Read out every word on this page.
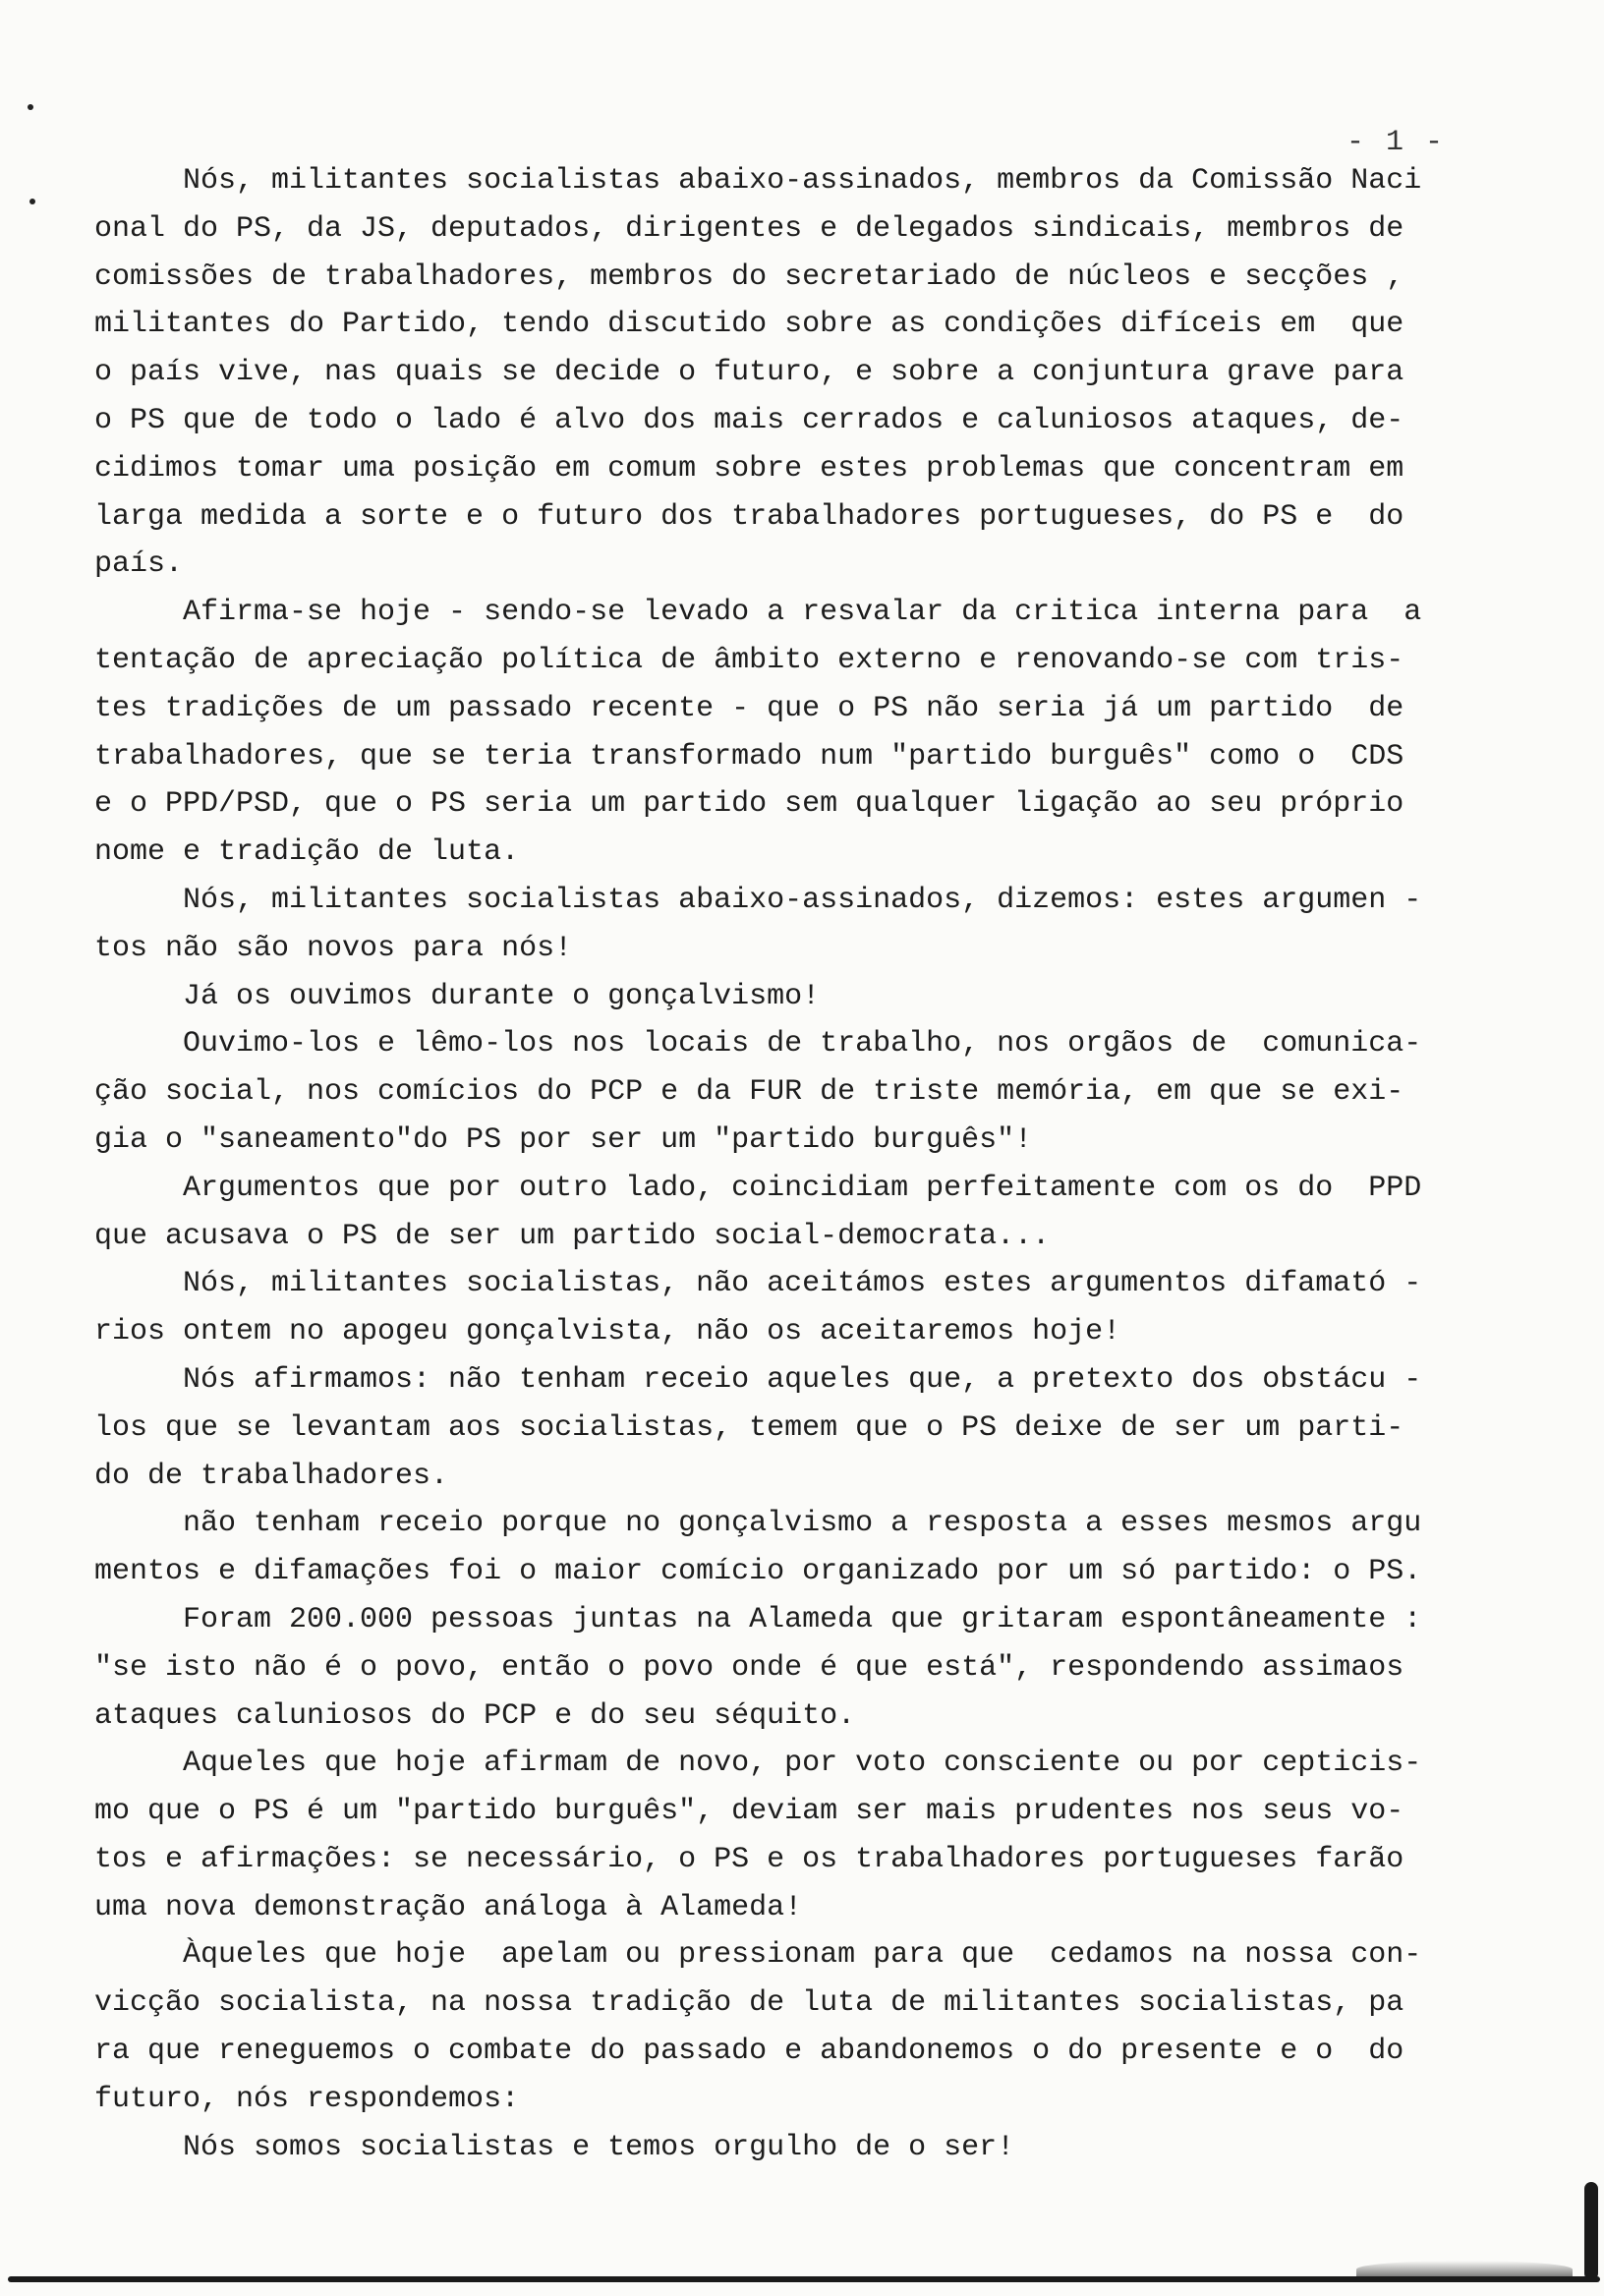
- 1 -
Nós, militantes socialistas abaixo-assinados, membros da Comissão Naci
onal do PS, da JS, deputados, dirigentes e delegados sindicais, membros de
comissões de trabalhadores, membros do secretariado de núcleos e secções ,
militantes do Partido, tendo discutido sobre as condições difíceis em  que
o país vive, nas quais se decide o futuro, e sobre a conjuntura grave para
o PS que de todo o lado é alvo dos mais cerrados e caluniosos ataques, de-
cidimos tomar uma posição em comum sobre estes problemas que concentram em
larga medida a sorte e o futuro dos trabalhadores portugueses, do PS e  do
país.
Afirma-se hoje - sendo-se levado a resvalar da critica interna para  a
tentação de apreciação política de âmbito externo e renovando-se com tris-
tes tradições de um passado recente - que o PS não seria já um partido  de
trabalhadores, que se teria transformado num "partido burguês" como o  CDS
e o PPD/PSD, que o PS seria um partido sem qualquer ligação ao seu próprio
nome e tradição de luta.
Nós, militantes socialistas abaixo-assinados, dizemos: estes argumen -
tos não são novos para nós!
Já os ouvimos durante o gonçalvismo!
Ouvimo-los e lêmo-los nos locais de trabalho, nos orgãos de  comunica-
ção social, nos comícios do PCP e da FUR de triste memória, em que se exi-
gia o "saneamento"do PS por ser um "partido burguês"!
Argumentos que por outro lado, coincidiam perfeitamente com os do  PPD
que acusava o PS de ser um partido social-democrata...
Nós, militantes socialistas, não aceitámos estes argumentos difamató -
rios ontem no apogeu gonçalvista, não os aceitaremos hoje!
Nós afirmamos: não tenham receio aqueles que, a pretexto dos obstácu -
los que se levantam aos socialistas, temem que o PS deixe de ser um parti-
do de trabalhadores.
não tenham receio porque no gonçalvismo a resposta a esses mesmos argu
mentos e difamações foi o maior comício organizado por um só partido: o PS.
Foram 200.000 pessoas juntas na Alameda que gritaram espontâneamente :
"se isto não é o povo, então o povo onde é que está", respondendo assimaos
ataques caluniosos do PCP e do seu séquito.
Aqueles que hoje afirmam de novo, por voto consciente ou por cepticis-
mo que o PS é um "partido burguês", deviam ser mais prudentes nos seus vo-
tos e afirmações: se necessário, o PS e os trabalhadores portugueses farão
uma nova demonstração análoga à Alameda!
Àqueles que hoje  apelam ou pressionam para que  cedamos na nossa con-
vicção socialista, na nossa tradição de luta de militantes socialistas, pa
ra que reneguemos o combate do passado e abandonemos o do presente e o  do
futuro, nós respondemos:
Nós somos socialistas e temos orgulho de o ser!
